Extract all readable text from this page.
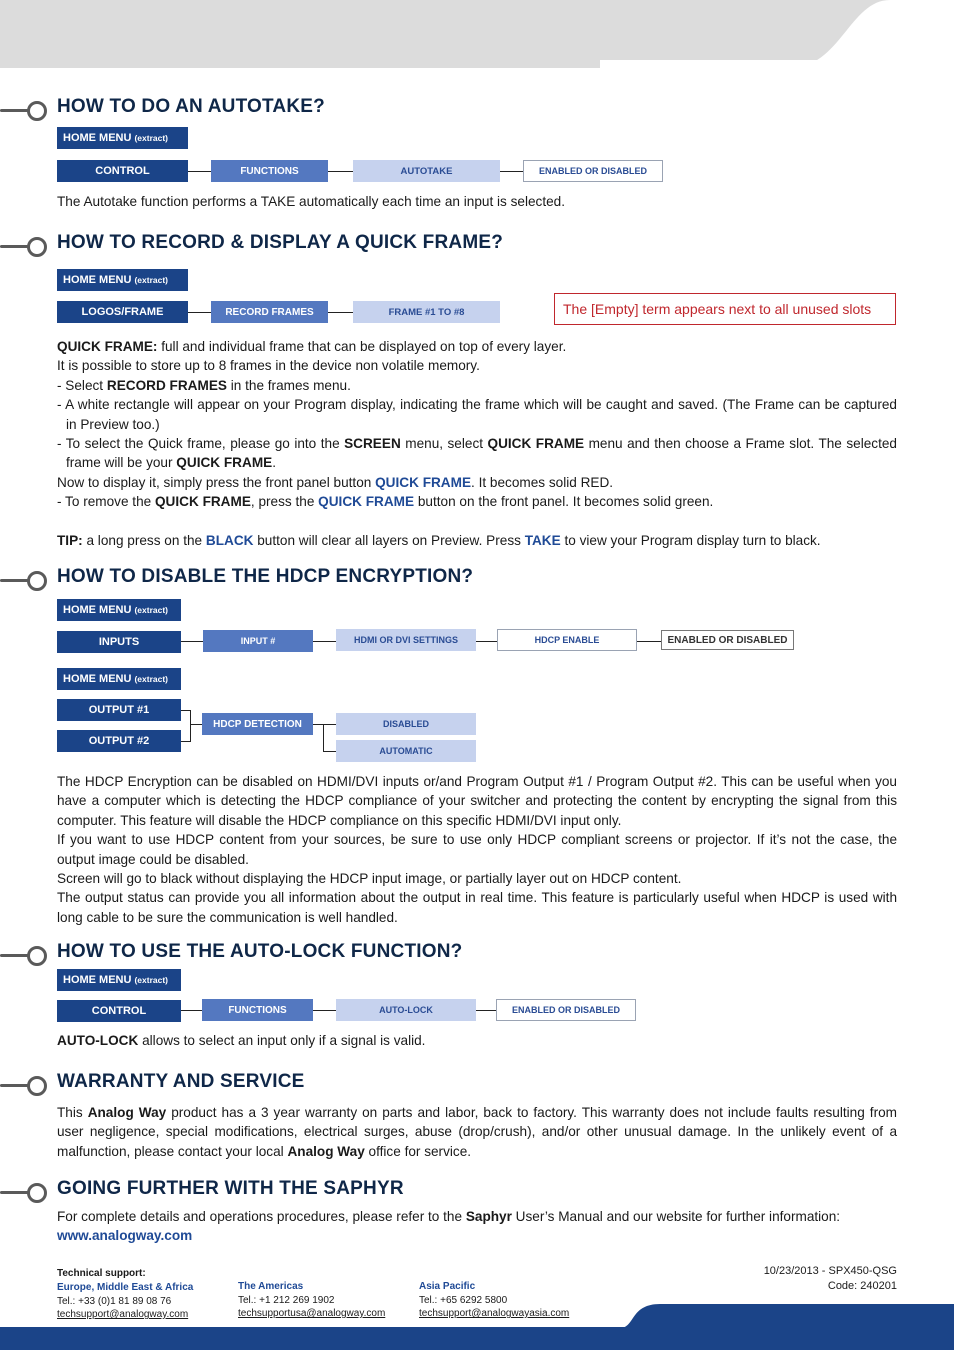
HOW TO DO AN AUTOTAKE?
HOME MENU (extract)
CONTROL	FUNCTIONS	AUTOTAKE	ENABLED OR DISABLED

The Autotake function performs a TAKE automatically each time an input is selected.

HOW TO RECORD & DISPLAY A QUICK FRAME?
HOME MENU (extract)
LOGOS/FRAME	RECORD FRAMES	FRAME #1 TO #8	The [Empty] term appears next to all unused slots
QUICK FRAME: full and individual frame that can be displayed on top of every layer.
It is possible to store up to 8 frames in the device non volatile memory.
- Select RECORD FRAMES in the frames menu.
- A white rectangle will appear on your Program display, indicating the frame which will be caught and saved. (The Frame can be captured in Preview too.)
- To select the Quick frame, please go into the SCREEN menu, select QUICK FRAME menu and then choose a Frame slot. The selected frame will be your QUICK FRAME.
Now to display it, simply press the front panel button QUICK FRAME. It becomes solid RED.
- To remove the QUICK FRAME, press the QUICK FRAME button on the front panel. It becomes solid green.
TIP: a long press on the BLACK button will clear all layers on Preview. Press TAKE to view your Program display turn to black.
HOW TO DISABLE THE HDCP ENCRYPTION?
HOME MENU (extract)
INPUTS	INPUT #	HDMI OR DVI SETTINGS	HDCP ENABLE	ENABLED OR DISABLED
HOME MENU (extract)
OUTPUT #1
OUTPUT #2
HDCP DETECTION	DISABLED
AUTOMATIC
The HDCP Encryption can be disabled on HDMI/DVI inputs or/and Program Output #1 / Program Output #2. This can be useful when you have a computer which is detecting the HDCP compliance of your switcher and protecting the content by encrypting the signal from this computer. This feature will disable the HDCP compliance on this specific HDMI/DVI input only.
If you want to use HDCP content from your sources, be sure to use only HDCP compliant screens or projector. If it’s not the case, the output image could be disabled.
Screen will go to black without displaying the HDCP input image, or partially layer out on HDCP content.
The output status can provide you all information about the output in real time. This feature is particularly useful when HDCP is used with long cable to be sure the communication is well handled.
HOW TO USE THE AUTO-LOCK FUNCTION?
HOME MENU (extract)
CONTROL	FUNCTIONS	AUTO-LOCK	ENABLED OR DISABLED

AUTO-LOCK allows to select an input only if a signal is valid.

WARRANTY AND SERVICE

This Analog Way product has a 3 year warranty on parts and labor, back to factory. This warranty does not include faults resulting from user negligence, special modifications, electrical surges, abuse (drop/crush), and/or other unusual damage. In the unlikely event of a malfunction, please contact your local Analog Way office for service.

GOING FURTHER WITH THE SAPHYR

For complete details and operations procedures, please refer to the Saphyr User’s Manual and our website for further information:

www.analogway.com
Technical support:
Europe, Middle East & Africa
Tel.: +33 (0)1 81 89 08 76
techsupport@analogway.com
The Americas
Tel.: +1 212 269 1902
techsupportusa@analogway.com
Asia Pacific
Tel.: +65 6292 5800
techsupport@analogwayasia.com
10/23/2013 - SPX450-QSG
Code: 240201
